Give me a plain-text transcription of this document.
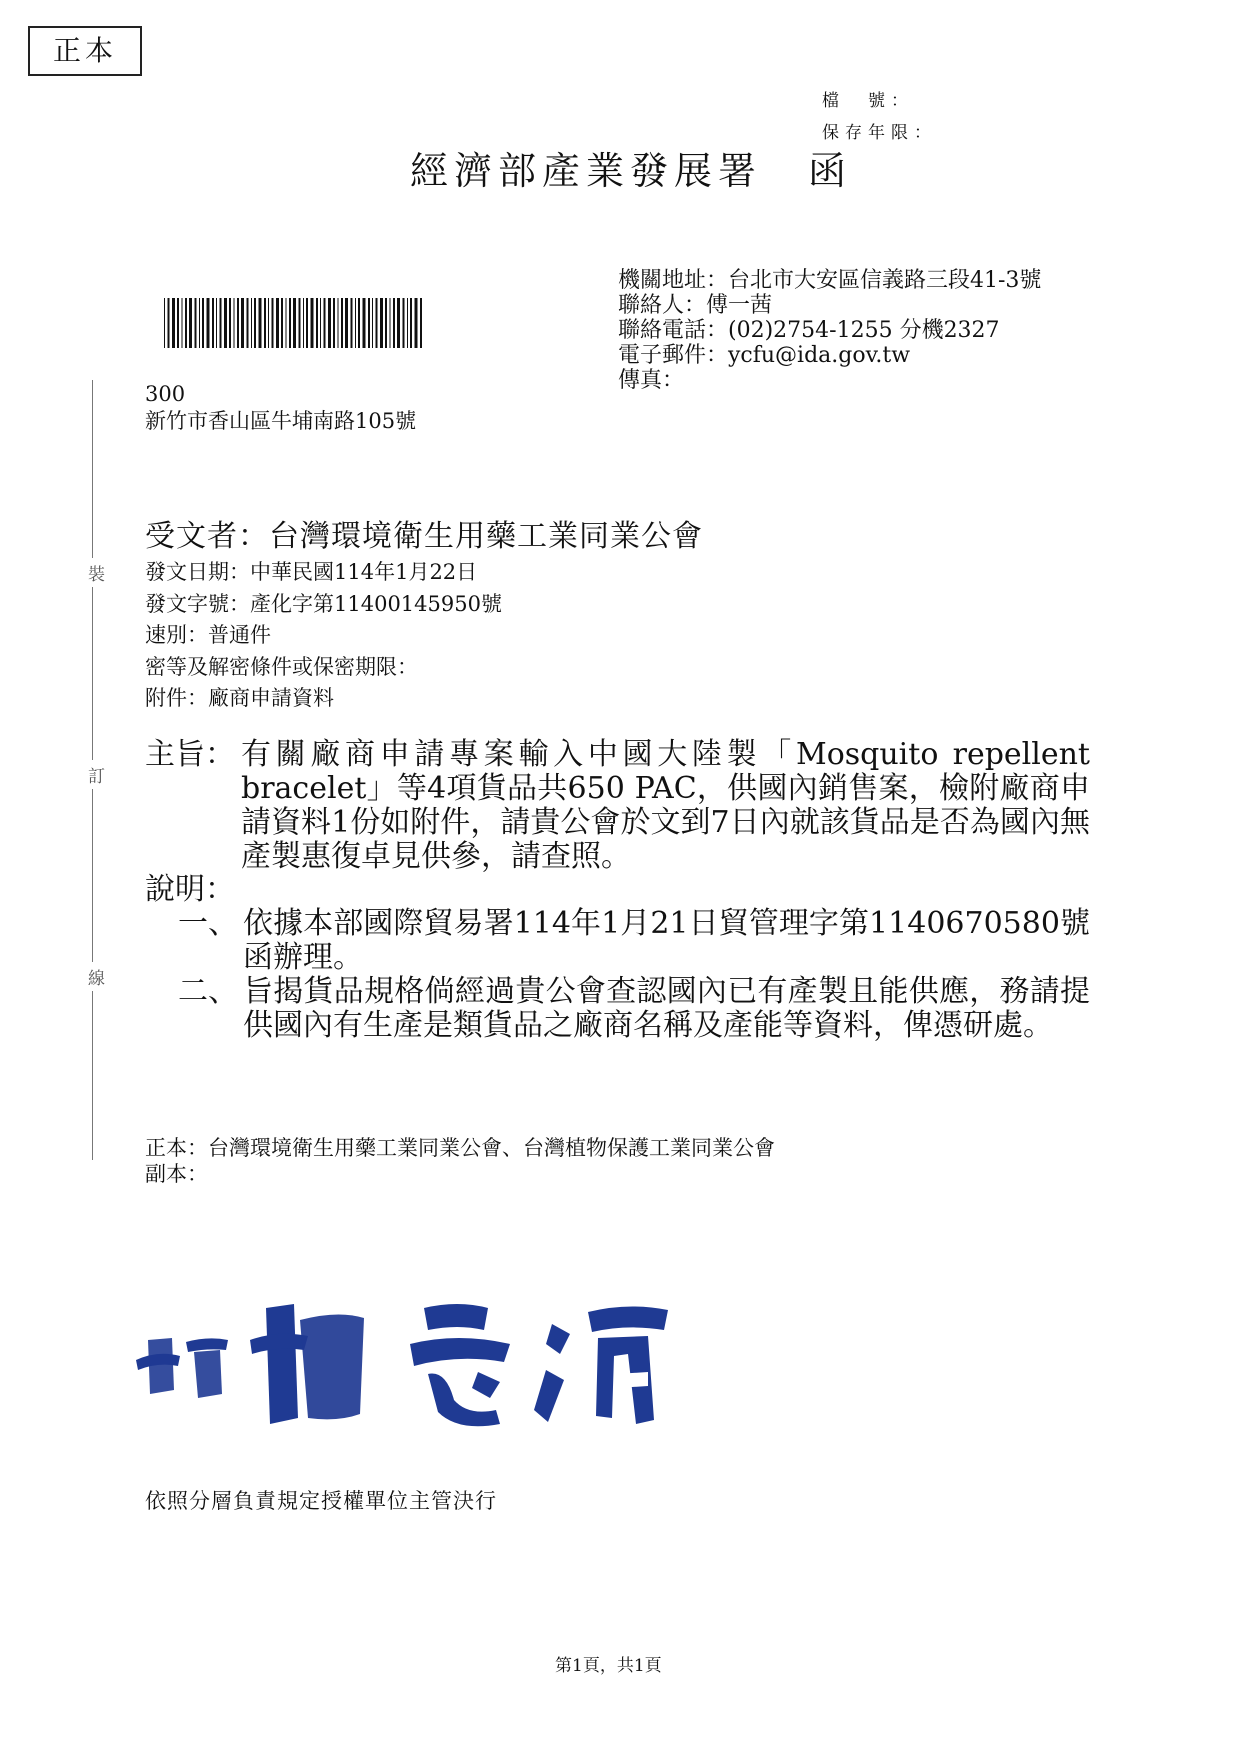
正本
檔　號：
保存年限：
經濟部產業發展署 函
機關地址：台北市大安區信義路三段41-3號
聯絡人：傅一茜
聯絡電話：(02)2754-1255 分機2327
電子郵件：ycfu@ida.gov.tw
傳真：
300
新竹市香山區牛埔南路105號
裝
訂
線
受文者：台灣環境衛生用藥工業同業公會
發文日期：中華民國114年1月22日
發文字號：產化字第11400145950號
速別：普通件
密等及解密條件或保密期限：
附件：廠商申請資料
主旨： 有關廠商申請專案輸入中國大陸製「Mosquito repellent bracelet」等4項貨品共650 PAC，供國內銷售案，檢附廠商申請資料1份如附件，請貴公會於文到7日內就該貨品是否為國內無產製惠復卓見供參，請查照。
說明：
一、 依據本部國際貿易署114年1月21日貿管理字第1140670580號函辦理。
二、 旨揭貨品規格倘經過貴公會查認國內已有產製且能供應，務請提供國內有生產是類貨品之廠商名稱及產能等資料，俾憑研處。
正本：台灣環境衛生用藥工業同業公會、台灣植物保護工業同業公會
副本：
依照分層負責規定授權單位主管決行
第1頁，共1頁
